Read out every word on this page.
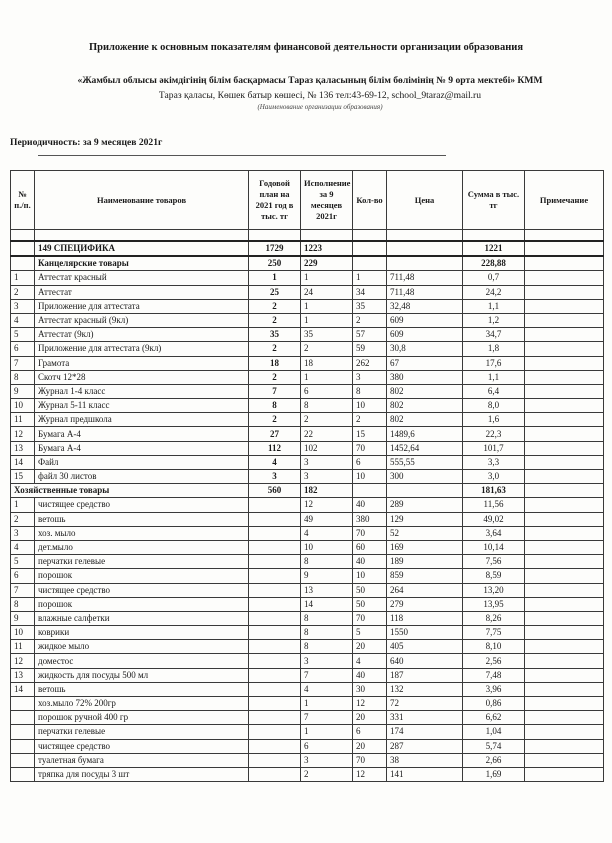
Приложение к основным показателям финансовой деятельности организации образования
«Жамбыл облысы әкімдігінің білім басқармасы Тараз қаласының білім бөлімінің № 9 орта мектебі» КММ
Тараз қаласы, Көшек батыр көшесі, № 136 тел:43-69-12, school_9taraz@mail.ru
(Наименование организации образования)
Периодичность: за 9 месяцев 2021г
№ п./п.	Наименование товаров	Годовой план на 2021 год в тыс. тг	Исполнение за 9 месяцев 2021г	Кол-во	Цена	Сумма в тыс. тг	Примечание

	149 СПЕЦИФИКА	1729	1223			1221	
	Канцелярские товары	250	229			228,88	
1	Аттестат красный	1	1	1	711,48	0,7	
2	Аттестат	25	24	34	711,48	24,2	
3	Приложение для аттестата	2	1	35	32,48	1,1	
4	Аттестат красный (9кл)	2	1	2	609	1,2	
5	Аттестат (9кл)	35	35	57	609	34,7	
6	Приложение для аттестата (9кл)	2	2	59	30,8	1,8	
7	Грамота	18	18	262	67	17,6	
8	Скотч 12*28	2	1	3	380	1,1	
9	Журнал 1-4 класс	7	6	8	802	6,4	
10	Журнал 5-11 класс	8	8	10	802	8,0	
11	Журнал предшкола	2	2	2	802	1,6	
12	Бумага А-4	27	22	15	1489,6	22,3	
13	Бумага А-4	112	102	70	1452,64	101,7	
14	Файл	4	3	6	555,55	3,3	
15	файл 30 листов	3	3	10	300	3,0	
Хозяйственные товары		560	182			181,63	
1	чистящее средство		12	40	289	11,56	
2	ветошь		49	380	129	49,02	
3	хоз. мыло		4	70	52	3,64	
4	дет.мыло		10	60	169	10,14	
5	перчатки гелевые		8	40	189	7,56	
6	порошок		9	10	859	8,59	
7	чистящее средство		13	50	264	13,20	
8	порошок		14	50	279	13,95	
9	влажные салфетки		8	70	118	8,26	
10	коврики		8	5	1550	7,75	
11	жидкое мыло		8	20	405	8,10	
12	доместос		3	4	640	2,56	
13	жидкость для посуды 500 мл		7	40	187	7,48	
14	ветошь		4	30	132	3,96	
	хоз.мыло 72% 200гр		1	12	72	0,86	
	порошок ручной 400 гр		7	20	331	6,62	
	перчатки гелевые		1	6	174	1,04	
	чистящее средство		6	20	287	5,74	
	туалетная бумага		3	70	38	2,66	
	тряпка для посуды 3 шт		2	12	141	1,69	
